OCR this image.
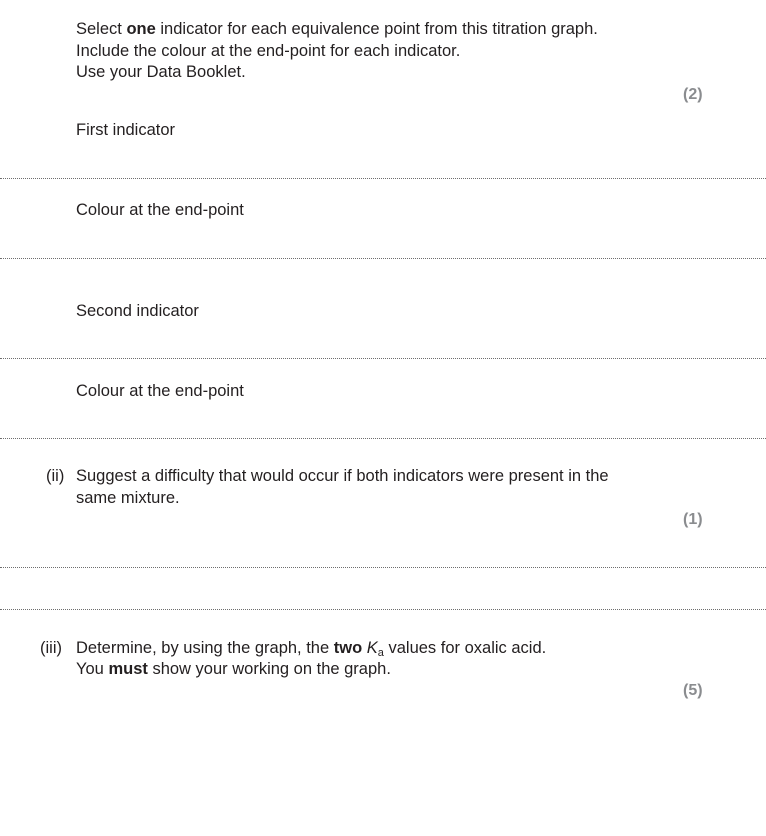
Select one indicator for each equivalence point from this titration graph.
Include the colour at the end-point for each indicator.
Use your Data Booklet.
(2)
First indicator
Colour at the end-point
Second indicator
Colour at the end-point
(ii) Suggest a difficulty that would occur if both indicators were present in the
same mixture.
(1)
(iii) Determine, by using the graph, the two $K_a$ values for oxalic acid.
You must show your working on the graph.
(5)
